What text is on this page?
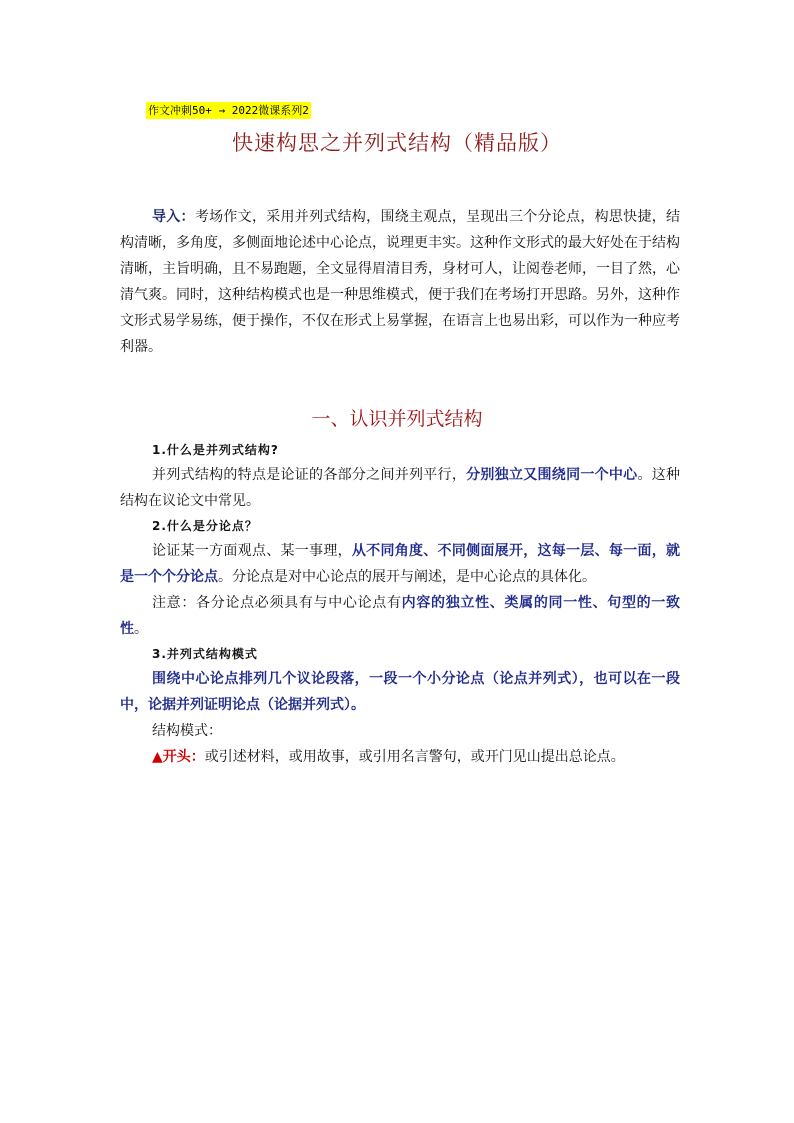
作文冲刺50+ → 2022微课系列2
快速构思之并列式结构（精品版）
导入：考场作文，采用并列式结构，围绕主观点，呈现出三个分论点，构思快捷，结构清晰，多角度，多侧面地论述中心论点，说理更丰实。这种作文形式的最大好处在于结构清晰，主旨明确，且不易跑题，全文显得眉清目秀，身材可人，让阅卷老师，一目了然，心清气爽。同时，这种结构模式也是一种思维模式，便于我们在考场打开思路。另外，这种作文形式易学易练，便于操作，不仅在形式上易掌握，在语言上也易出彩，可以作为一种应考利器。
一、认识并列式结构

1.什么是并列式结构?

并列式结构的特点是论证的各部分之间并列平行，分别独立又围绕同一个中心。这种结构在议论文中常见。

2.什么是分论点？

论证某一方面观点、某一事理，从不同角度、不同侧面展开，这每一层、每一面，就是一个个分论点。分论点是对中心论点的展开与阐述，是中心论点的具体化。

注意：各分论点必须具有与中心论点有内容的独立性、类属的同一性、句型的一致性。

3.并列式结构模式

围绕中心论点排列几个议论段落，一段一个小分论点（论点并列式），也可以在一段中，论据并列证明论点（论据并列式）。

结构模式：

▲开头：或引述材料，或用故事，或引用名言警句，或开门见山提出总论点。
